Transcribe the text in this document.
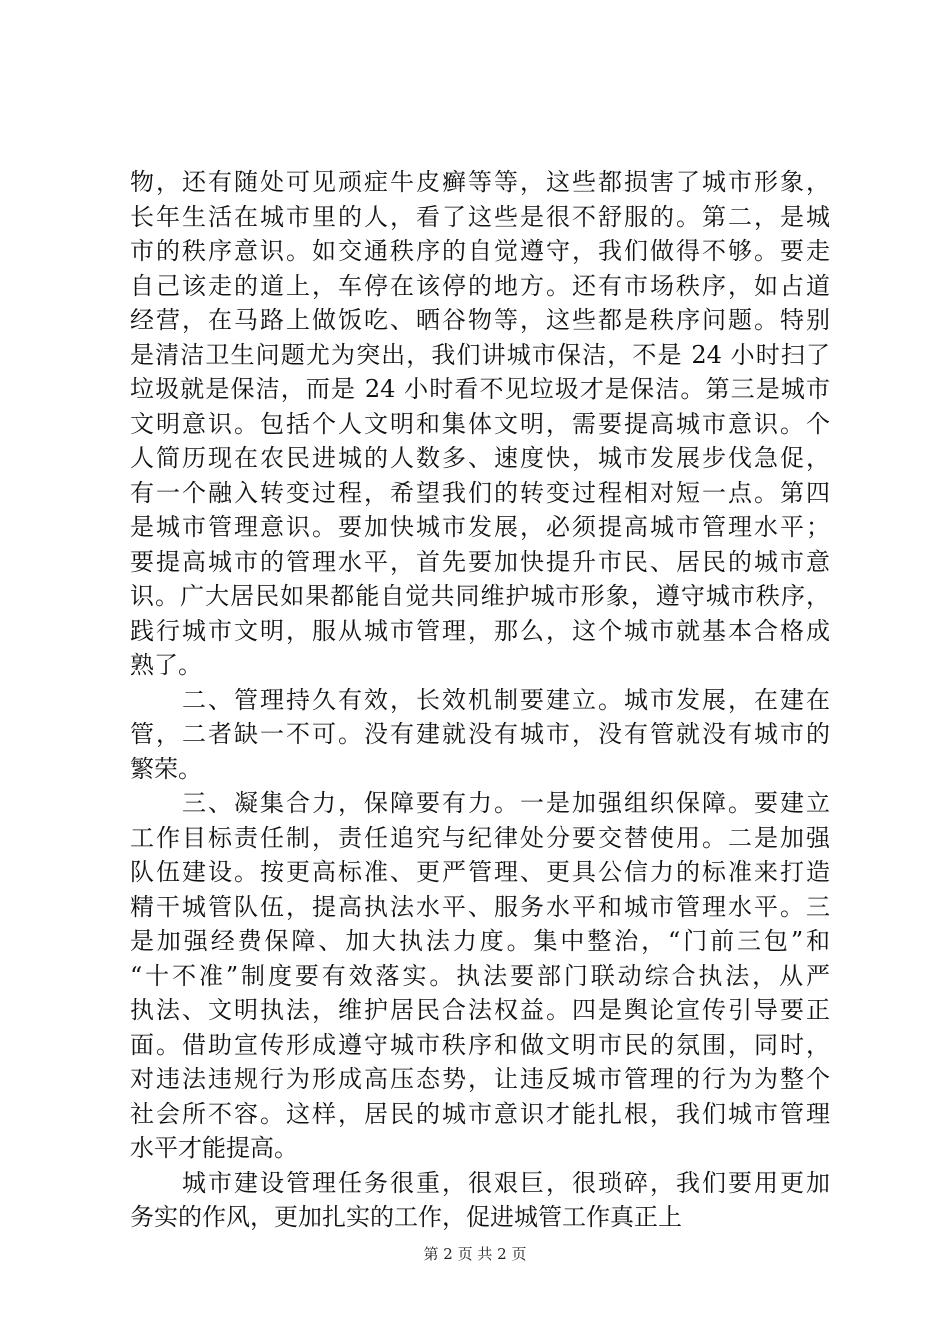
物，还有随处可见顽症牛皮癣等等，这些都损害了城市形象，
长年生活在城市里的人，看了这些是很不舒服的。第二，是城
市的秩序意识。如交通秩序的自觉遵守，我们做得不够。要走
自己该走的道上，车停在该停的地方。还有市场秩序，如占道
经营，在马路上做饭吃、晒谷物等，这些都是秩序问题。特别
是清洁卫生问题尤为突出，我们讲城市保洁，不是 24 小时扫了
垃圾就是保洁，而是 24 小时看不见垃圾才是保洁。第三是城市
文明意识。包括个人文明和集体文明，需要提高城市意识。个
人简历现在农民进城的人数多、速度快，城市发展步伐急促，
有一个融入转变过程，希望我们的转变过程相对短一点。第四
是城市管理意识。要加快城市发展，必须提高城市管理水平；
要提高城市的管理水平，首先要加快提升市民、居民的城市意
识。广大居民如果都能自觉共同维护城市形象，遵守城市秩序，
践行城市文明，服从城市管理，那么，这个城市就基本合格成
熟了。
　　二、管理持久有效，长效机制要建立。城市发展，在建在
管，二者缺一不可。没有建就没有城市，没有管就没有城市的
繁荣。
　　三、凝集合力，保障要有力。一是加强组织保障。要建立
工作目标责任制，责任追究与纪律处分要交替使用。二是加强
队伍建设。按更高标准、更严管理、更具公信力的标准来打造
精干城管队伍，提高执法水平、服务水平和城市管理水平。三
是加强经费保障、加大执法力度。集中整治，“门前三包”和
“十不准”制度要有效落实。执法要部门联动综合执法，从严
执法、文明执法，维护居民合法权益。四是舆论宣传引导要正
面。借助宣传形成遵守城市秩序和做文明市民的氛围，同时，
对违法违规行为形成高压态势，让违反城市管理的行为为整个
社会所不容。这样，居民的城市意识才能扎根，我们城市管理
水平才能提高。
　　城市建设管理任务很重，很艰巨，很琐碎，我们要用更加
务实的作风，更加扎实的工作，促进城管工作真正上
第 2 页 共 2 页
